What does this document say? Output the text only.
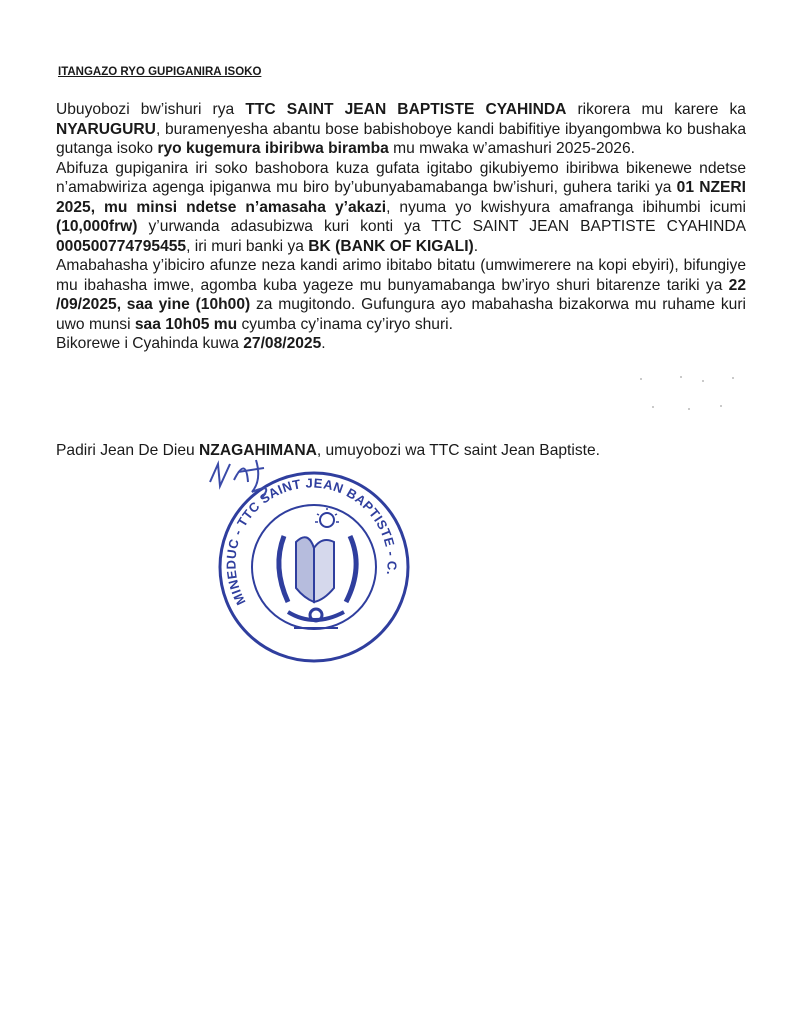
ITANGAZO RYO GUPIGANIRA ISOKO

Ubuyobozi bw’ishuri rya TTC SAINT JEAN BAPTISTE CYAHINDA rikorera mu karere ka NYARUGURU, buramenyesha abantu bose babishoboye kandi babifitiye ibyangombwa ko bushaka gutanga isoko ryo kugemura ibiribwa biramba mu mwaka w’amashuri 2025-2026.

Abifuza gupiganira iri soko bashobora kuza gufata igitabo gikubiyemo ibiribwa bikenewe ndetse n’amabwiriza agenga ipiganwa mu biro by’ubunyabamabanga bw’ishuri, guhera tariki ya 01 NZERI 2025, mu minsi ndetse n’amasaha y’akazi, nyuma yo kwishyura amafranga ibihumbi icumi (10,000frw) y’urwanda adasubizwa kuri konti ya TTC SAINT JEAN BAPTISTE CYAHINDA 000500774795455, iri muri banki ya BK (BANK OF KIGALI).

Amabahasha y’ibiciro afunze neza kandi arimo ibitabo bitatu (umwimerere na kopi ebyiri), bifungiye mu ibahasha imwe, agomba kuba yageze mu bunyamabanga bw’iryo shuri bitarenze tariki ya 22 /09/2025, saa yine (10h00) za mugitondo. Gufungura ayo mabahasha bizakorwa mu ruhame kuri uwo munsi saa 10h05 mu cyumba cy’inama cy’iryo shuri.

Bikorewe i Cyahinda kuwa 27/08/2025.

Padiri Jean De Dieu NZAGAHIMANA, umuyobozi wa TTC saint Jean Baptiste.
MINEDUC - TTC SAINT JEAN BAPTISTE - C.
